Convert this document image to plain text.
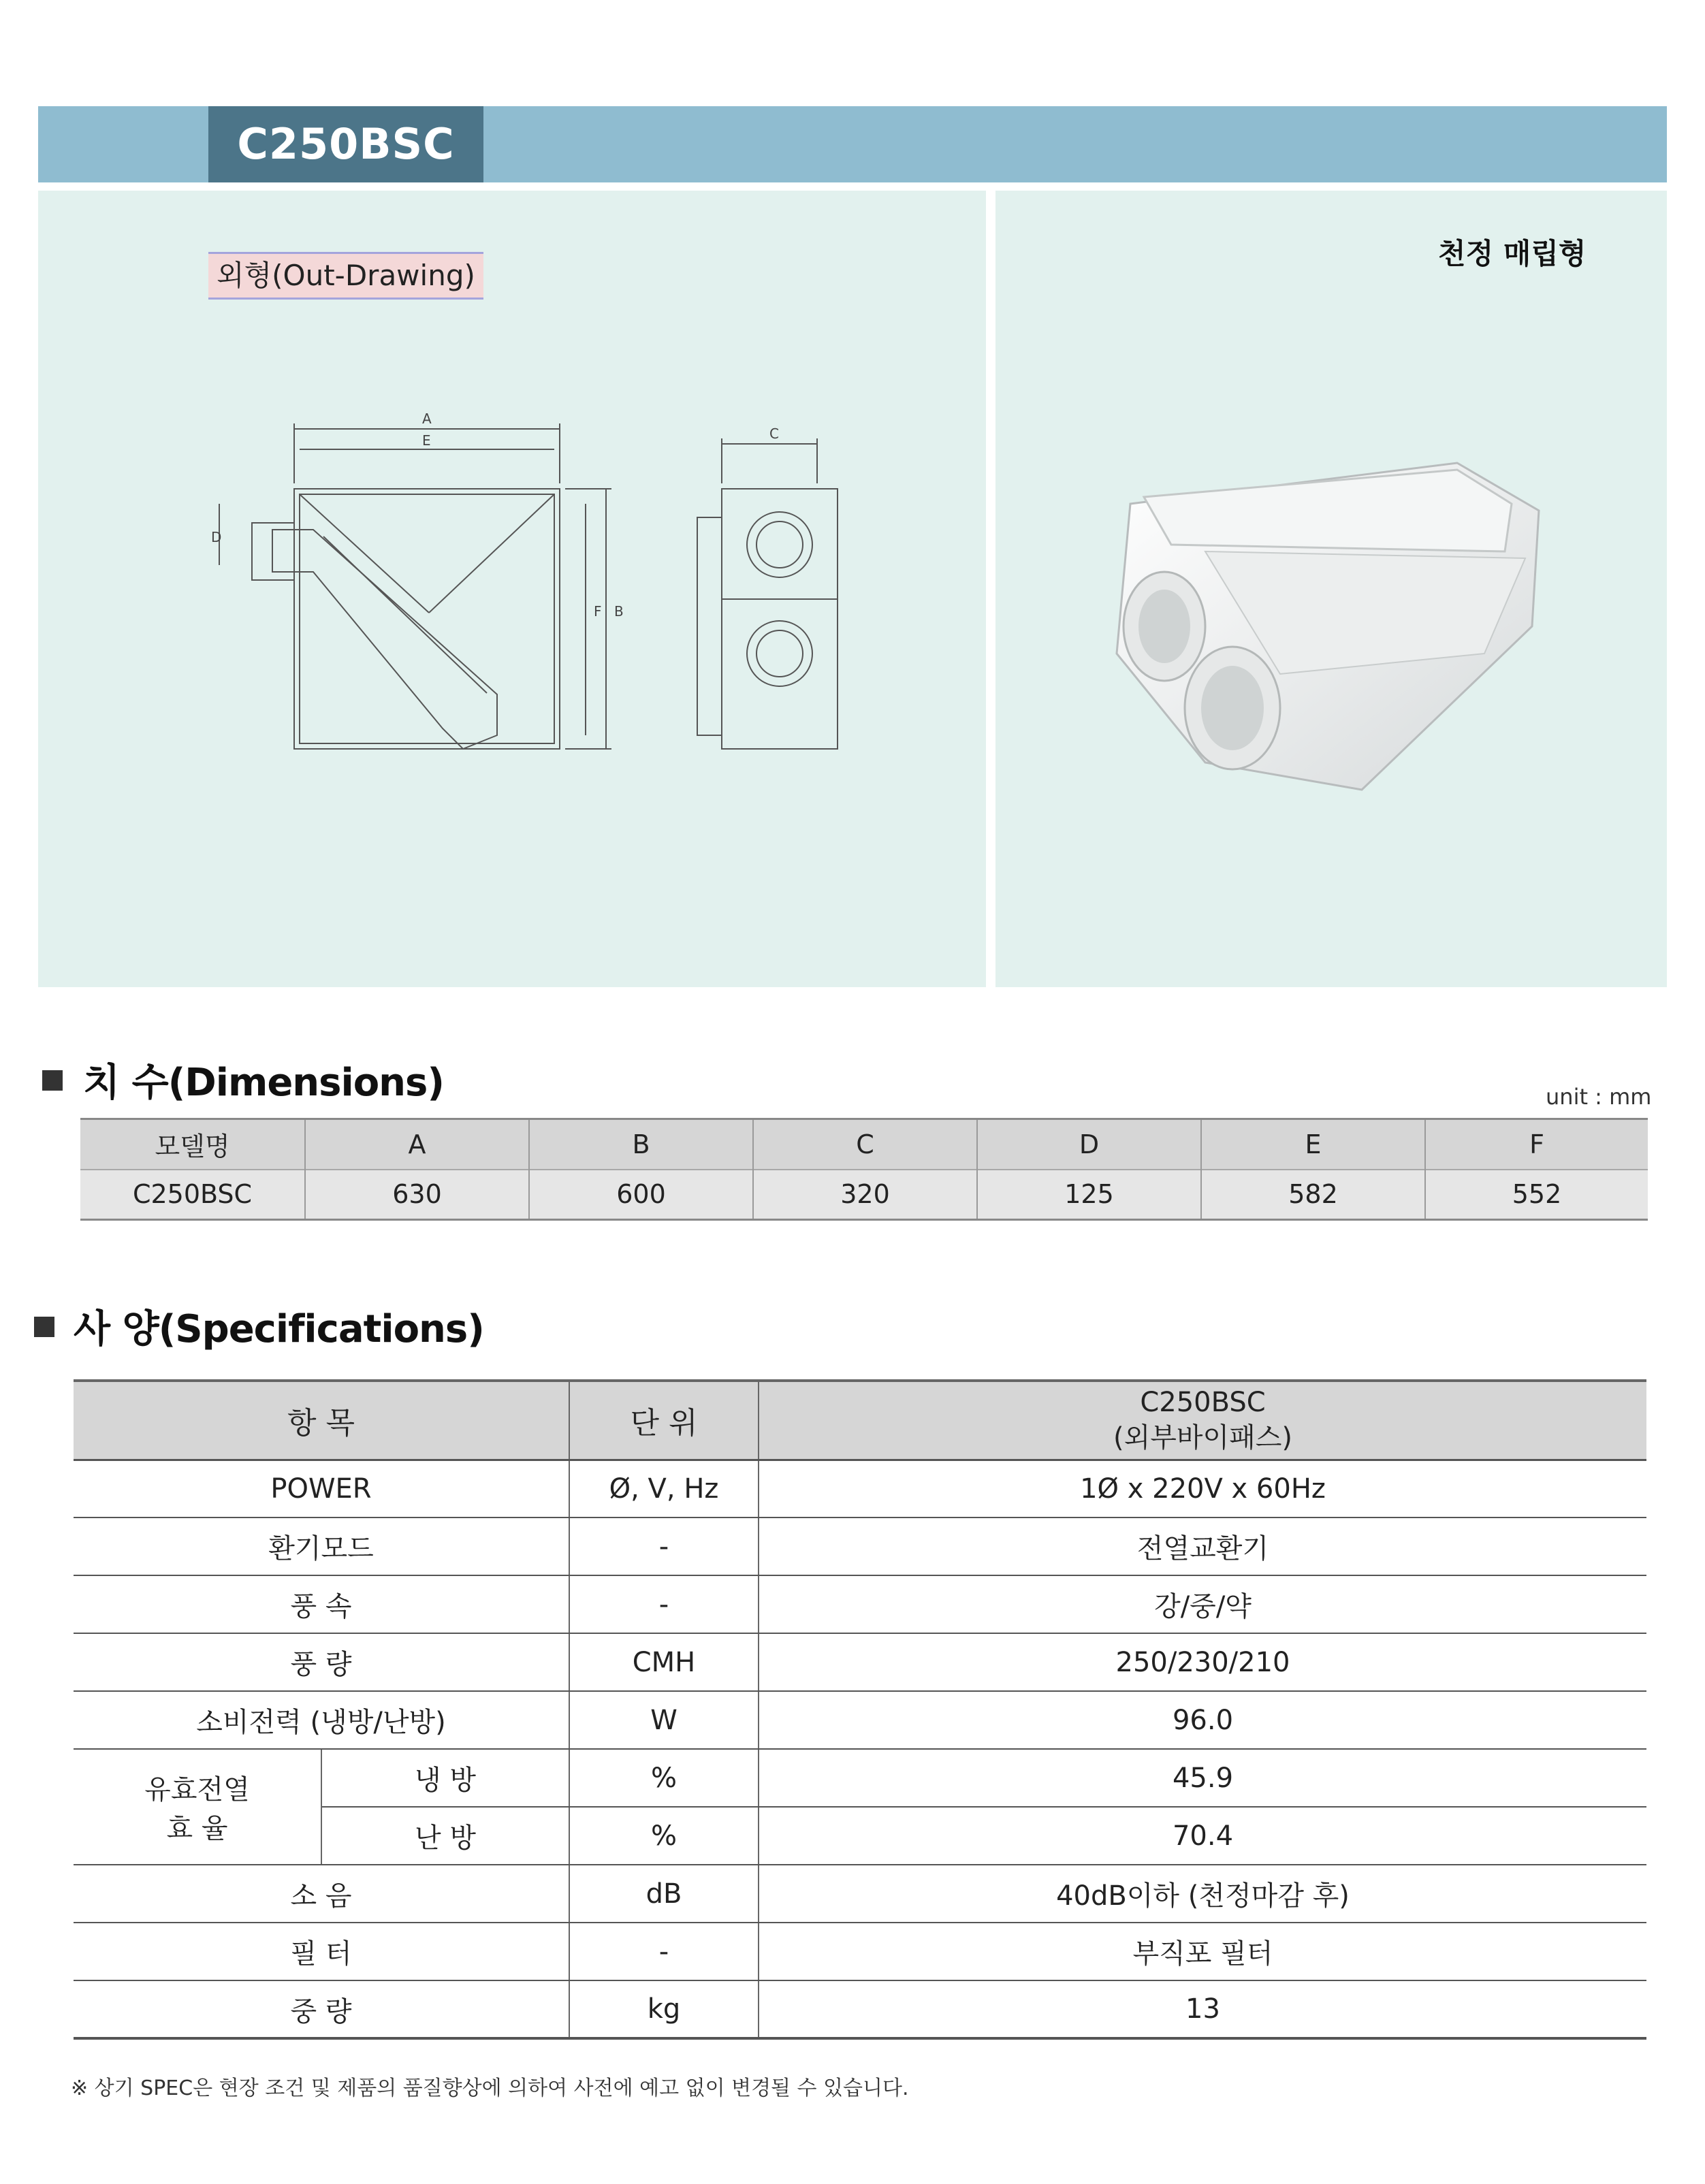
C250BSC
외형(Out-Drawing)
A
E	C
D
F B
천정 매립형
치 수(Dimensions)	unit : mm
모델명	A	B	C	D	E	F
C250BSC	630	600	320	125	582	552
사 양(Specifications)
항 목		단 위	C250BSC
(외부바이패스)

POWER		Ø, V, Hz	1Ø x 220V x 60Hz
환기모드		-	전열교환기
풍 속		-	강/중/약
풍 량		CMH	250/230/210
소비전력 (냉방/난방)		W	96.0

유효전열
효 율	냉 방	%	45.9
	난 방	%	70.4
소 음		dB	40dB이하 (천정마감 후)
필 터		-	부직포 필터
중 량		kg	13
※ 상기 SPEC은 현장 조건 및 제품의 품질향상에 의하여 사전에 예고 없이 변경될 수 있습니다.
